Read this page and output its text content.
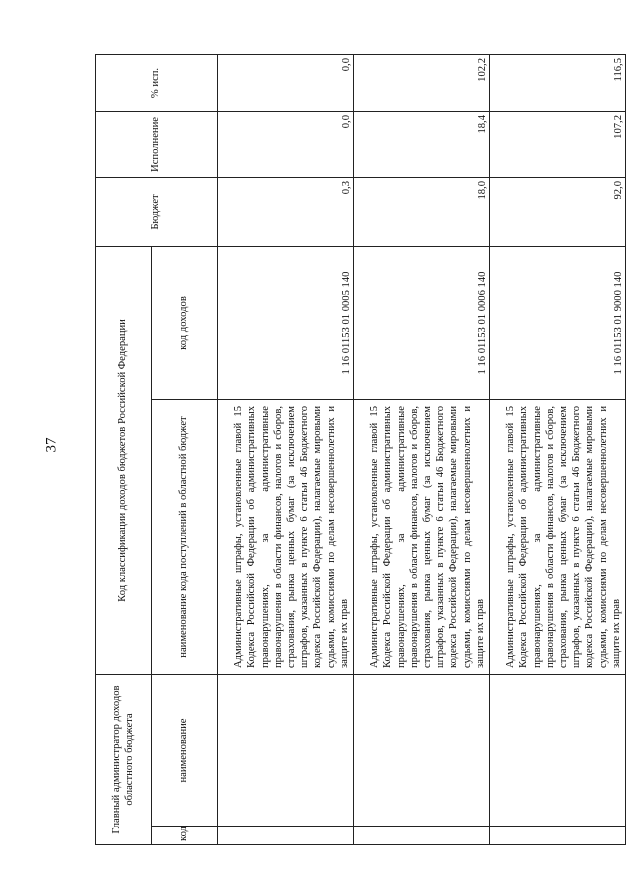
37
Главный администратор доходов областного бюджета		Код классификации доходов бюджетов Российской Федерации		Бюджет	Исполнение	% исп.
код	наименование	наименование кода поступлений в областной бюджет	код доходов			

		Административные штрафы, установленные главой 15 Кодекса Российской Федерации об административных правонарушениях, за административные правонарушения в области финансов, налогов и сборов, страхования, рынка ценных бумаг (за исключением штрафов, указанных в пункте 6 статьи 46 Бюджетного кодекса Российской Федерации), налагаемые мировыми судьями, комиссиями по делам несовершеннолетних и защите их прав	1 16 01153 01 0005 140	0,3	0,0	0,0

		Административные штрафы, установленные главой 15 Кодекса Российской Федерации об административных правонарушениях, за административные правонарушения в области финансов, налогов и сборов, страхования, рынка ценных бумаг (за исключением штрафов, указанных в пункте 6 статьи 46 Бюджетного кодекса Российской Федерации), налагаемые мировыми судьями, комиссиями по делам несовершеннолетних и защите их прав	1 16 01153 01 0006 140	18,0	18,4	102,2

		Административные штрафы, установленные главой 15 Кодекса Российской Федерации об административных правонарушениях, за административные правонарушения в области финансов, налогов и сборов, страхования, рынка ценных бумаг (за исключением штрафов, указанных в пункте 6 статьи 46 Бюджетного кодекса Российской Федерации), налагаемые мировыми судьями, комиссиями по делам несовершеннолетних и защите их прав	1 16 01153 01 9000 140	92,0	107,2	116,5
